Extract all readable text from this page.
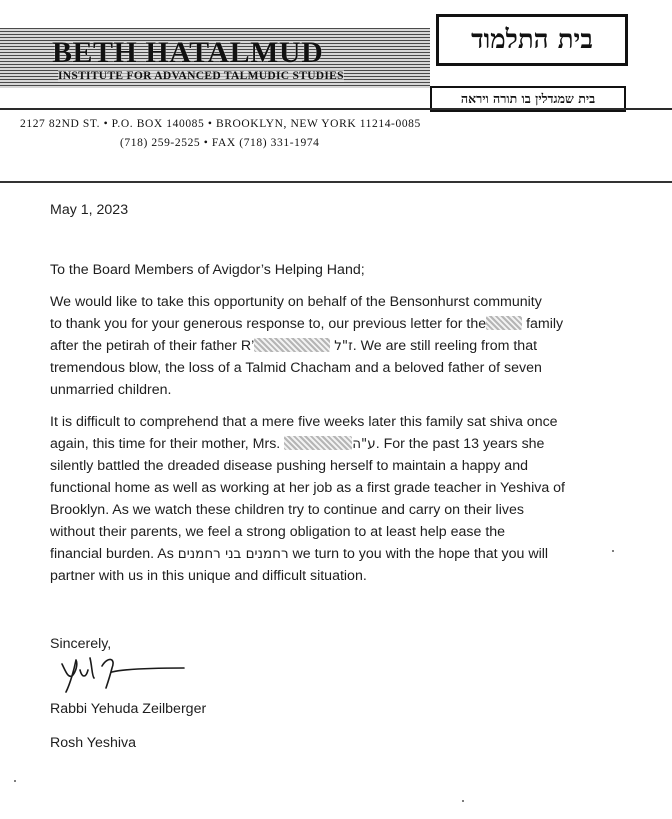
BETH HATALMUD
INSTITUTE FOR ADVANCED TALMUDIC STUDIES
בית התלמוד
בית שמגדלין בו תורה ויראה
2127 82ND ST. • P.O. BOX 140085 • BROOKLYN, NEW YORK 11214-0085
(718) 259-2525 • FAX (718) 331-1974
May 1, 2023
To the Board Members of Avigdor’s Helping Hand;
We would like to take this opportunity on behalf of the Bensonhurst community
to thank you for your generous response to, our previous letter for the	family
after the petirah of their father R’	ז"ל. We are still reeling from that
tremendous blow, the loss of a Talmid Chacham and a beloved father of seven
unmarried children.
It is difficult to comprehend that a mere five weeks later this family sat shiva once
again, this time for their mother, Mrs.	ע"ה. For the past 13 years she
silently battled the dreaded disease pushing herself to maintain a happy and
functional home as well as working at her job as a first grade teacher in Yeshiva of
Brooklyn. As we watch these children try to continue and carry on their lives
without their parents, we feel a strong obligation to at least help ease the
financial burden. As רחמנים בני רחמנים we turn to you with the hope that you will
partner with us in this unique and difficult situation.
Sincerely,
Rabbi Yehuda Zeilberger
Rosh Yeshiva
